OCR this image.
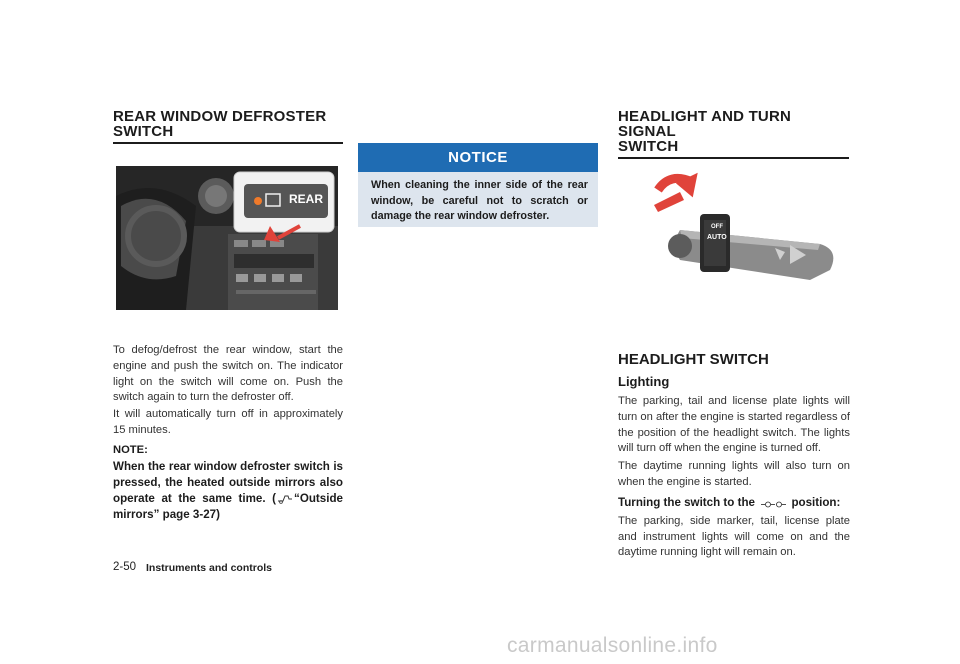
REAR WINDOW DEFROSTER
SWITCH
REAR

To defog/defrost the rear window, start the engine and push the switch on. The indicator light on the switch will come on. Push the switch again to turn the defroster off.

It will automatically turn off in approximately 15 minutes.

NOTE:

When the rear window defroster switch is pressed, the heated outside mirrors also operate at the same time. ( “Outside mirrors” page 3-27)

NOTICE
When cleaning the inner side of the rear window, be careful not to scratch or damage the rear window defroster.
HEADLIGHT AND TURN SIGNAL
SWITCH
OFF
AUTO
OFF

HEADLIGHT SWITCH

Lighting

The parking, tail and license plate lights will turn on after the engine is started regardless of the position of the headlight switch. The lights will turn off when the engine is turned off.

The daytime running lights will also turn on when the engine is started.

Turning the switch to the	position:

The parking, side marker, tail, license plate and instrument lights will come on and the daytime running light will remain on.

2-50 Instruments and controls
carmanualsonline.info
